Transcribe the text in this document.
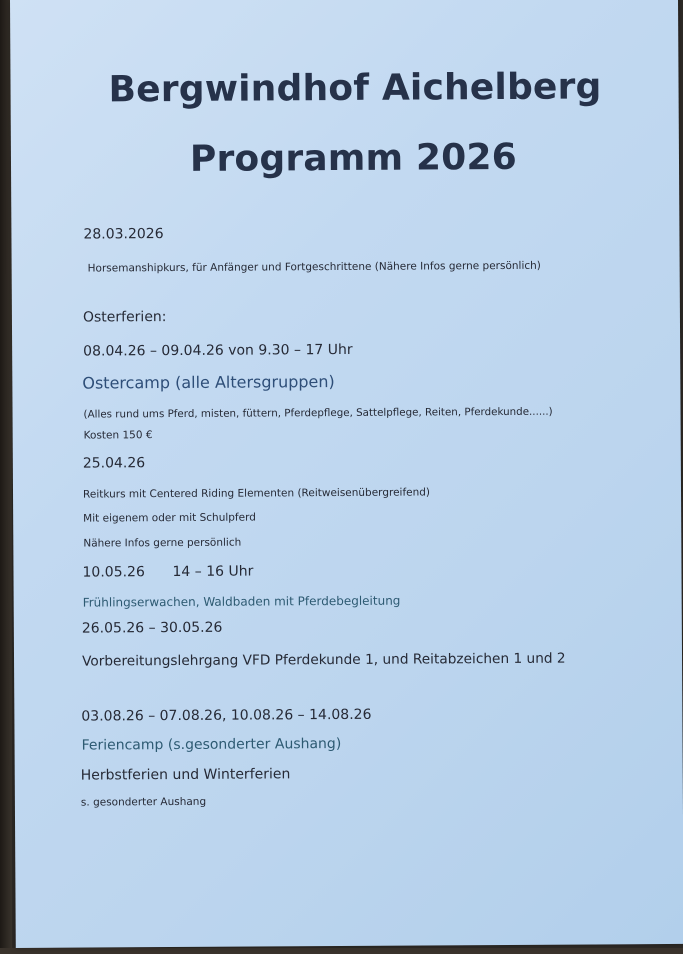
Bergwindhof Aichelberg
Programm 2026
28.03.2026
Horsemanshipkurs, für Anfänger und Fortgeschrittene (Nähere Infos gerne persönlich)
Osterferien:
08.04.26 – 09.04.26 von 9.30 – 17 Uhr
Ostercamp (alle Altersgruppen)
(Alles rund ums Pferd, misten, füttern, Pferdepflege, Sattelpflege, Reiten, Pferdekunde......)
Kosten 150 €
25.04.26
Reitkurs mit Centered Riding Elementen (Reitweisenübergreifend)
Mit eigenem oder mit Schulpferd
Nähere Infos gerne persönlich
10.05.26 14 – 16 Uhr
Frühlingserwachen, Waldbaden mit Pferdebegleitung
26.05.26 – 30.05.26
Vorbereitungslehrgang VFD Pferdekunde 1, und Reitabzeichen 1 und 2
03.08.26 – 07.08.26, 10.08.26 – 14.08.26
Feriencamp (s.gesonderter Aushang)
Herbstferien und Winterferien
s. gesonderter Aushang
